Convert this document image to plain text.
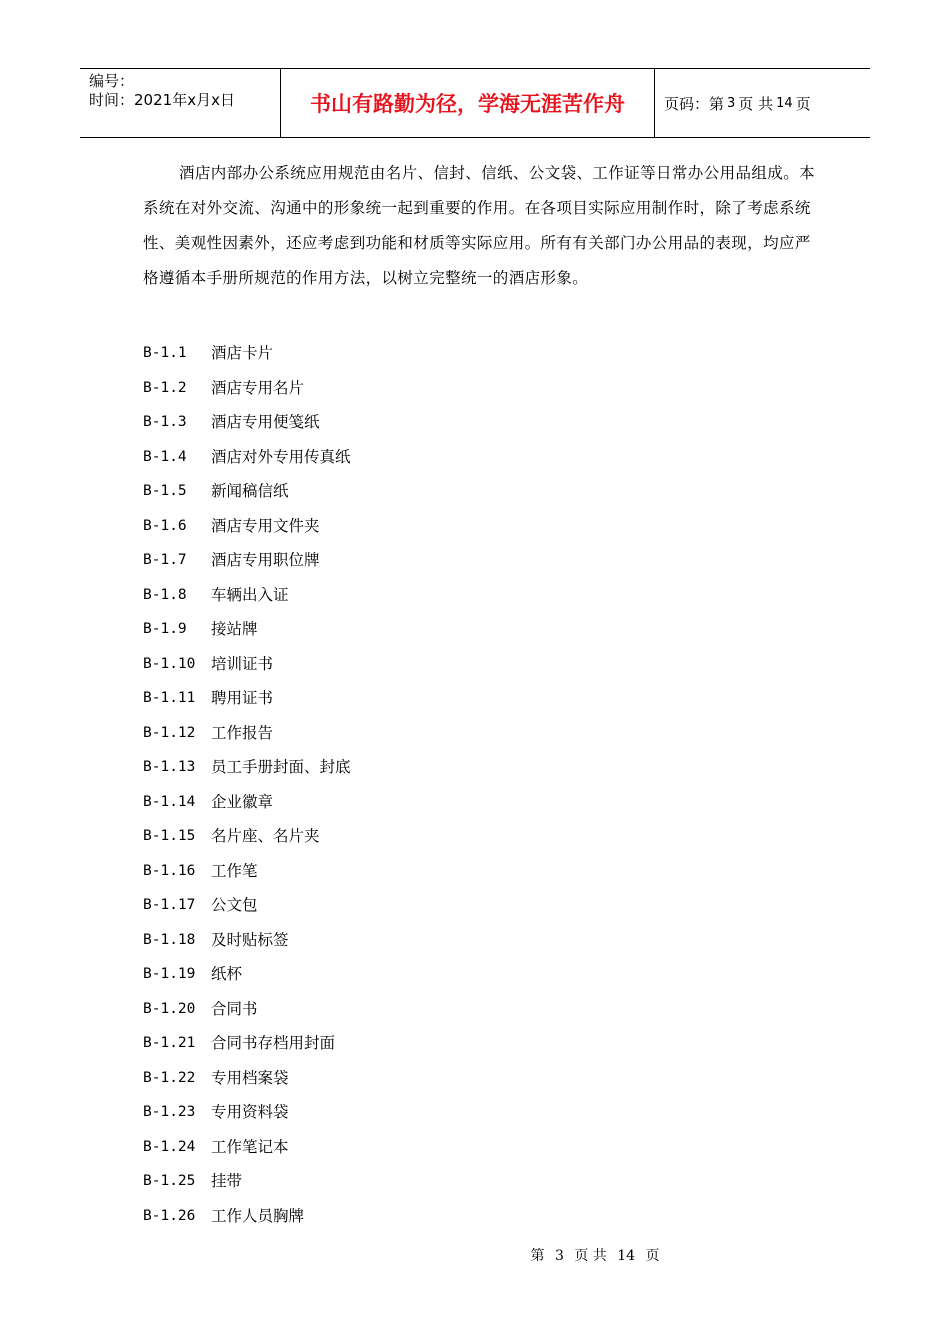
编号：
时间：2021年x月x日	书山有路勤为径，学海无涯苦作舟	页码：第 3 页 共 14 页

酒店内部办公系统应用规范由名片、信封、信纸、公文袋、工作证等日常办公用品组成。本系统在对外交流、沟通中的形象统一起到重要的作用。在各项目实际应用制作时，除了考虑系统性、美观性因素外，还应考虑到功能和材质等实际应用。所有有关部门办公用品的表现，均应严格遵循本手册所规范的作用方法，以树立完整统一的酒店形象。

B-1.1	酒店卡片
B-1.2	酒店专用名片
B-1.3	酒店专用便笺纸
B-1.4	酒店对外专用传真纸
B-1.5	新闻稿信纸
B-1.6	酒店专用文件夹
B-1.7	酒店专用职位牌
B-1.8	车辆出入证
B-1.9	接站牌
B-1.10	培训证书
B-1.11	聘用证书
B-1.12	工作报告
B-1.13	员工手册封面、封底
B-1.14	企业徽章
B-1.15	名片座、名片夹
B-1.16	工作笔
B-1.17	公文包
B-1.18	及时贴标签
B-1.19	纸杯
B-1.20	合同书
B-1.21	合同书存档用封面
B-1.22	专用档案袋
B-1.23	专用资料袋
B-1.24	工作笔记本
B-1.25	挂带
B-1.26	工作人员胸牌
第 3 页 共 14 页
